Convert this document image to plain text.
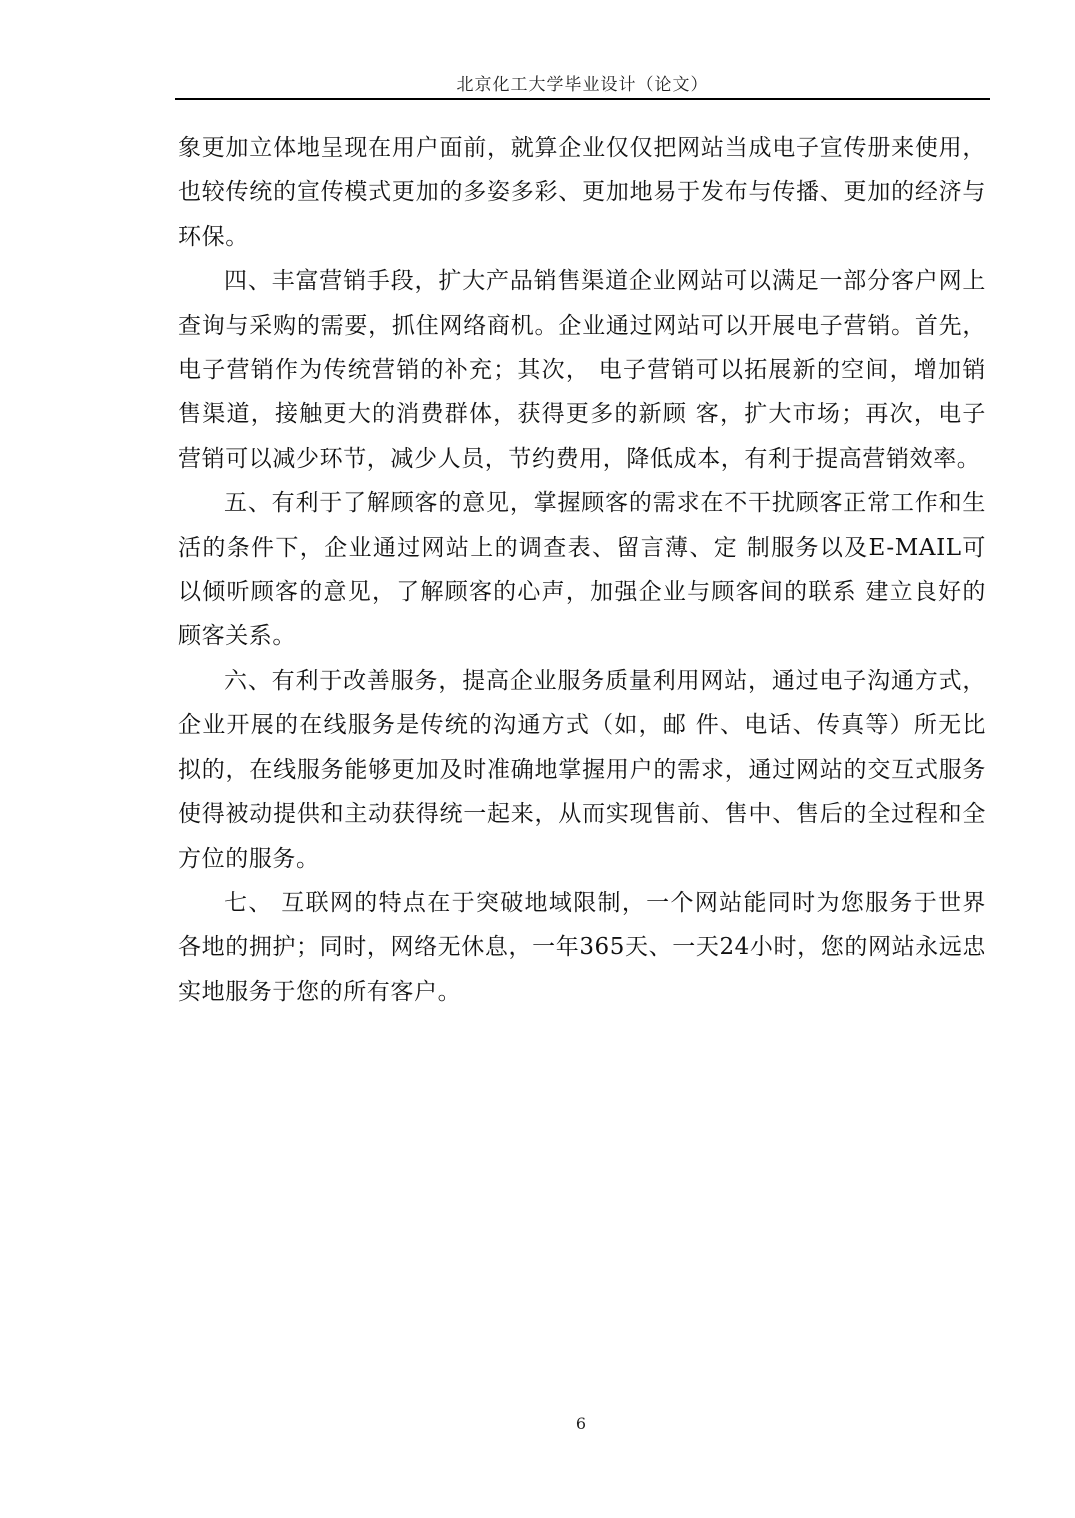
北京化工大学毕业设计（论文）

象更加立体地呈现在用户面前，就算企业仅仅把网站当成电子宣传册来使用，也较传统的宣传模式更加的多姿多彩、更加地易于发布与传播、更加的经济与环保。

四、丰富营销手段，扩大产品销售渠道企业网站可以满足一部分客户网上查询与采购的需要，抓住网络商机。企业通过网站可以开展电子营销。首先，电子营销作为传统营销的补充；其次， 电子营销可以拓展新的空间，增加销售渠道，接触更大的消费群体，获得更多的新顾 客，扩大市场；再次，电子营销可以减少环节，减少人员，节约费用，降低成本，有利于提高营销效率。

五、有利于了解顾客的意见，掌握顾客的需求在不干扰顾客正常工作和生活的条件下，企业通过网站上的调查表、留言薄、定 制服务以及E-MAIL可以倾听顾客的意见，了解顾客的心声，加强企业与顾客间的联系 建立良好的顾客关系。

六、有利于改善服务，提高企业服务质量利用网站，通过电子沟通方式，企业开展的在线服务是传统的沟通方式（如，邮 件、电话、传真等）所无比拟的，在线服务能够更加及时准确地掌握用户的需求，通过网站的交互式服务使得被动提供和主动获得统一起来，从而实现售前、售中、售后的全过程和全方位的服务。

七、 互联网的特点在于突破地域限制，一个网站能同时为您服务于世界各地的拥护；同时，网络无休息，一年365天、一天24小时，您的网站永远忠实地服务于您的所有客户。

6
